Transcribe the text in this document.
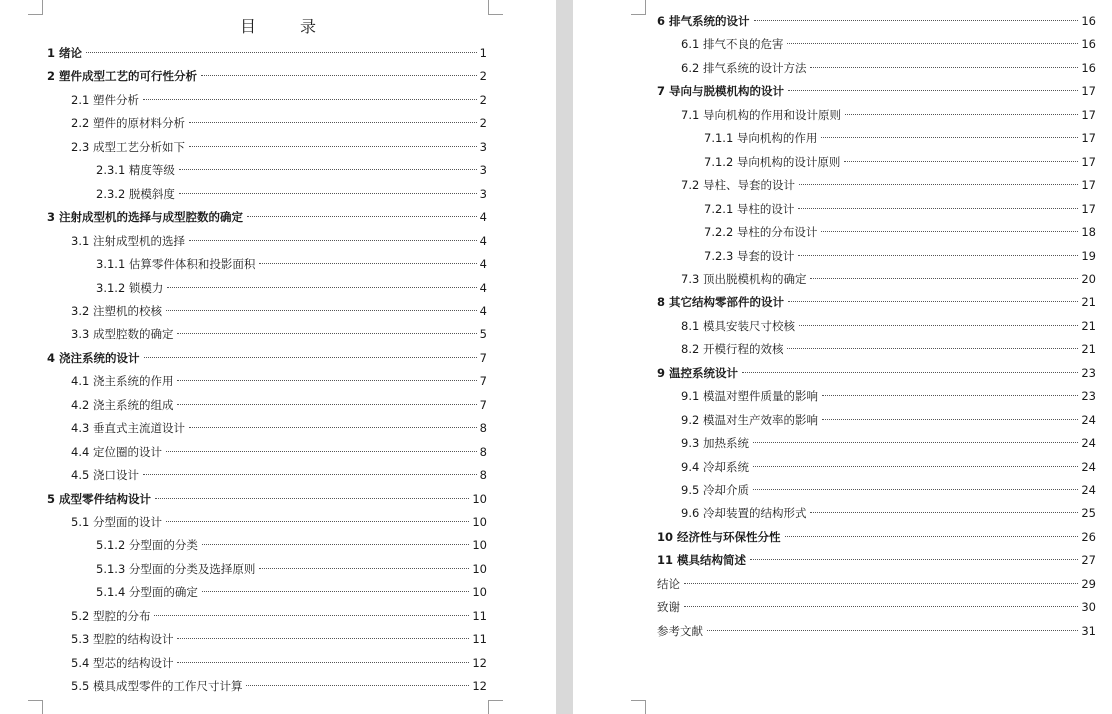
目　录
1 绪论	1
2 塑件成型工艺的可行性分析	2
2.1 塑件分析	2
2.2 塑件的原材料分析	2
2.3 成型工艺分析如下	3
2.3.1 精度等级	3
2.3.2 脱模斜度	3
3 注射成型机的选择与成型腔数的确定	4
3.1 注射成型机的选择	4
3.1.1 估算零件体积和投影面积	4
3.1.2 锁模力	4
3.2 注塑机的校核	4
3.3 成型腔数的确定	5
4 浇注系统的设计	7
4.1 浇主系统的作用	7
4.2 浇主系统的组成	7
4.3 垂直式主流道设计	8
4.4 定位圈的设计	8
4.5 浇口设计	8
5 成型零件结构设计	10
5.1 分型面的设计	10
5.1.2 分型面的分类	10
5.1.3 分型面的分类及选择原则	10
5.1.4 分型面的确定	10
5.2 型腔的分布	11
5.3 型腔的结构设计	11
5.4 型芯的结构设计	12
5.5 模具成型零件的工作尺寸计算	12
6 排气系统的设计	16
6.1 排气不良的危害	16
6.2 排气系统的设计方法	16
7 导向与脱模机构的设计	17
7.1 导向机构的作用和设计原则	17
7.1.1 导向机构的作用	17
7.1.2 导向机构的设计原则	17
7.2 导柱、导套的设计	17
7.2.1 导柱的设计	17
7.2.2 导柱的分布设计	18
7.2.3 导套的设计	19
7.3 顶出脱模机构的确定	20
8 其它结构零部件的设计	21
8.1 模具安装尺寸校核	21
8.2 开模行程的效核	21
9 温控系统设计	23
9.1 模温对塑件质量的影响	23
9.2 模温对生产效率的影响	24
9.3 加热系统	24
9.4 冷却系统	24
9.5 冷却介质	24
9.6 冷却装置的结构形式	25
10 经济性与环保性分性	26
11 模具结构简述	27
结论	29
致谢	30
参考文献	31
